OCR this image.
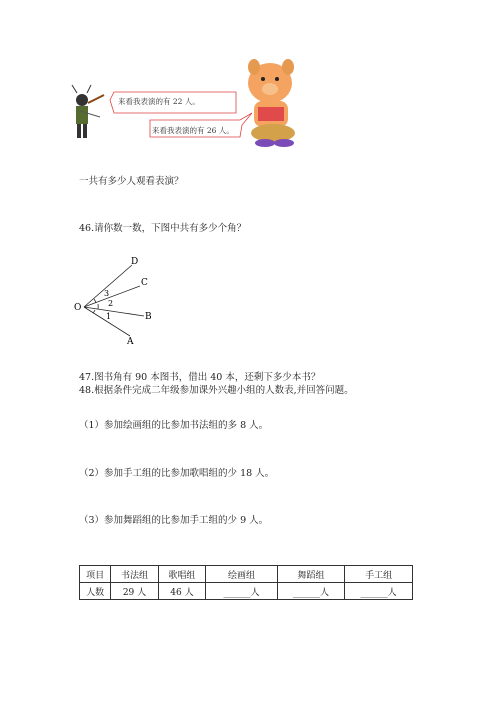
来看我表演的有 22 人。
来看我表演的有 26 人。
一共有多少人观看表演？
46.请你数一数，下图中共有多少个角？
O
D
C
B
A
3
2
1
47.图书角有 90 本图书，借出 40 本，还剩下多少本书？
48.根据条件完成二年级参加课外兴趣小组的人数表,并回答问题。
（1）参加绘画组的比参加书法组的多 8 人。
（2）参加手工组的比参加歌唱组的少 18 人。
（3）参加舞蹈组的比参加手工组的少 9 人。
项目	书法组	歌唱组	绘画组	舞蹈组	手工组
人数	29 人	46 人	______人	______人	______人
